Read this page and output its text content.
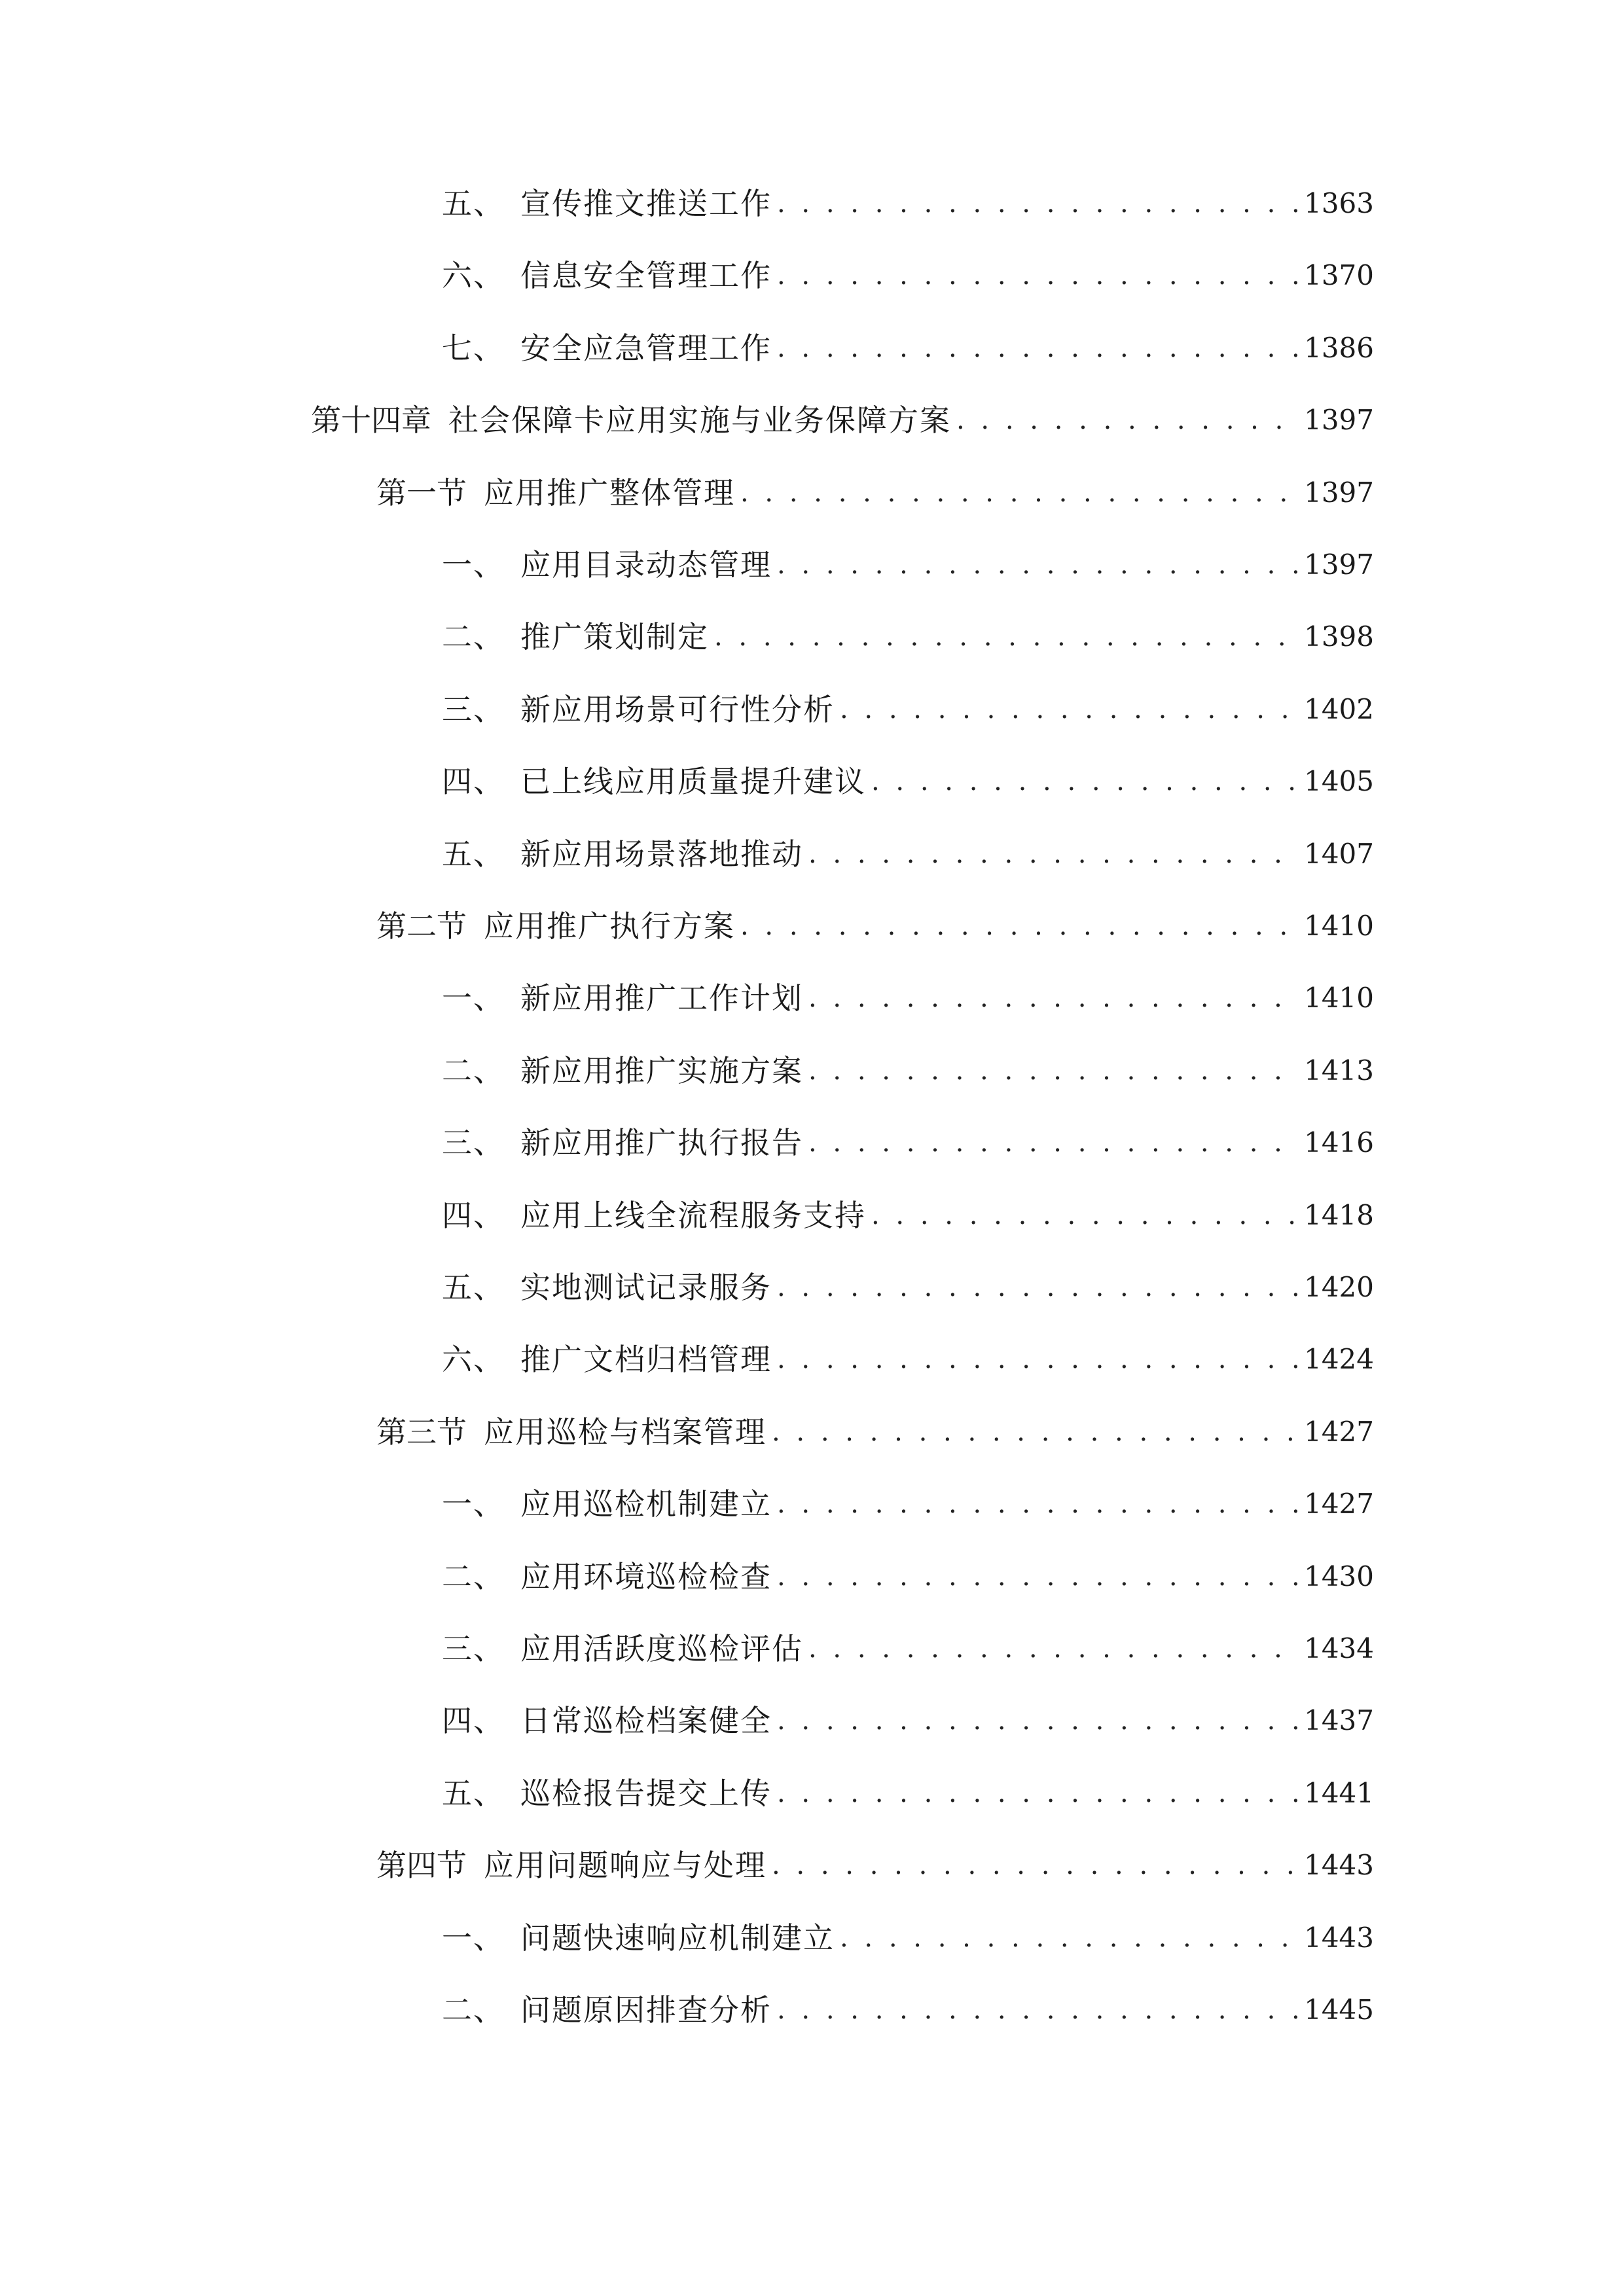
五、 宣传推文推送工作 . . .	1363
六、 信息安全管理工作 . . .	1370
七、 安全应急管理工作 . . .	1386
第十四章 社会保障卡应用实施与业务保障方案 . . .	1397
第一节 应用推广整体管理 . . .	1397
一、 应用目录动态管理 . . .	1397
二、 推广策划制定 . . .	1398
三、 新应用场景可行性分析 . . .	1402
四、 已上线应用质量提升建议 . . .	1405
五、 新应用场景落地推动 . . .	1407
第二节 应用推广执行方案 . . .	1410
一、 新应用推广工作计划 . . .	1410
二、 新应用推广实施方案 . . .	1413
三、 新应用推广执行报告 . . .	1416
四、 应用上线全流程服务支持 . . .	1418
五、 实地测试记录服务 . . .	1420
六、 推广文档归档管理 . . .	1424
第三节 应用巡检与档案管理 . . .	1427
一、 应用巡检机制建立 . . .	1427
二、 应用环境巡检检查 . . .	1430
三、 应用活跃度巡检评估 . . .	1434
四、 日常巡检档案健全 . . .	1437
五、 巡检报告提交上传 . . .	1441
第四节 应用问题响应与处理 . . .	1443
一、 问题快速响应机制建立 . . .	1443
二、 问题原因排查分析 . . .	1445
